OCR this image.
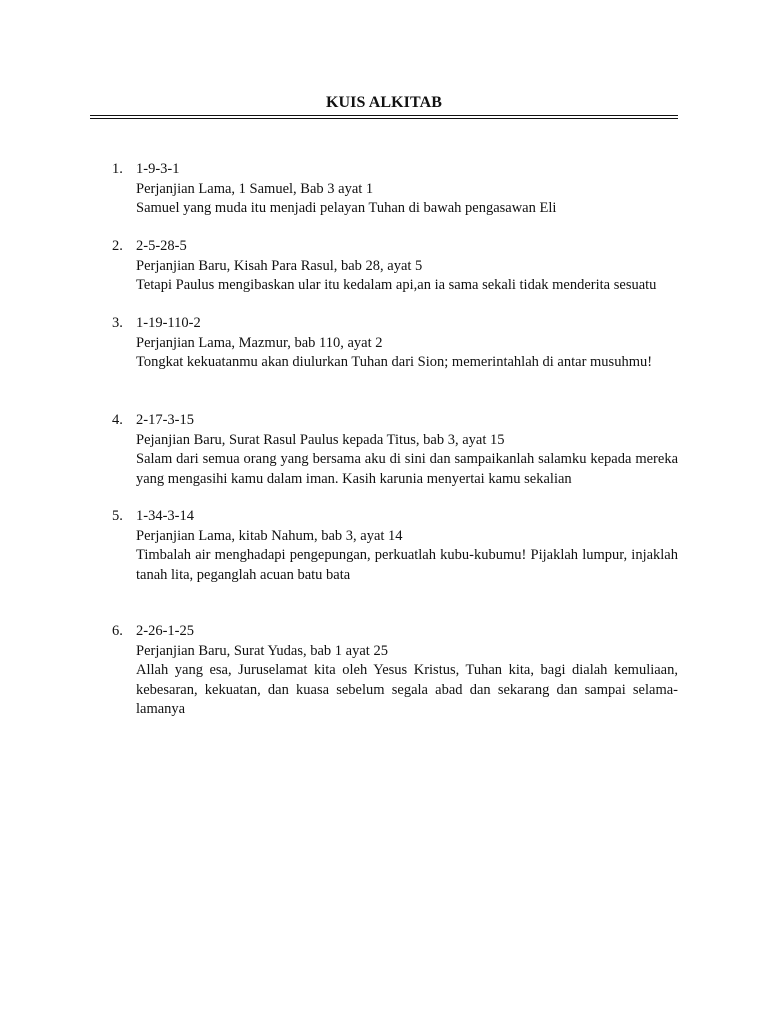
KUIS ALKITAB
1. 1-9-3-1
Perjanjian Lama, 1 Samuel, Bab 3 ayat 1
Samuel yang muda itu menjadi pelayan Tuhan di bawah pengasawan Eli
2. 2-5-28-5
Perjanjian Baru, Kisah Para Rasul, bab 28, ayat 5
Tetapi Paulus mengibaskan ular itu kedalam api,an ia sama sekali tidak menderita sesuatu
3. 1-19-110-2
Perjanjian Lama, Mazmur, bab 110, ayat 2
Tongkat kekuatanmu akan diulurkan Tuhan dari Sion; memerintahlah di antar musuhmu!
4. 2-17-3-15
Pejanjian Baru, Surat Rasul Paulus kepada Titus, bab 3, ayat 15
Salam dari semua orang yang bersama aku di sini dan sampaikanlah salamku kepada mereka yang mengasihi kamu dalam iman. Kasih karunia menyertai kamu sekalian
5. 1-34-3-14
Perjanjian Lama, kitab Nahum, bab 3, ayat 14
Timbalah air menghadapi pengepungan, perkuatlah kubu-kubumu! Pijaklah lumpur, injaklah tanah lita, peganglah acuan batu bata
6. 2-26-1-25
Perjanjian Baru, Surat Yudas, bab 1 ayat 25
Allah yang esa, Juruselamat kita oleh Yesus Kristus, Tuhan kita, bagi dialah kemuliaan, kebesaran, kekuatan, dan kuasa sebelum segala abad dan sekarang dan sampai selama-lamanya
